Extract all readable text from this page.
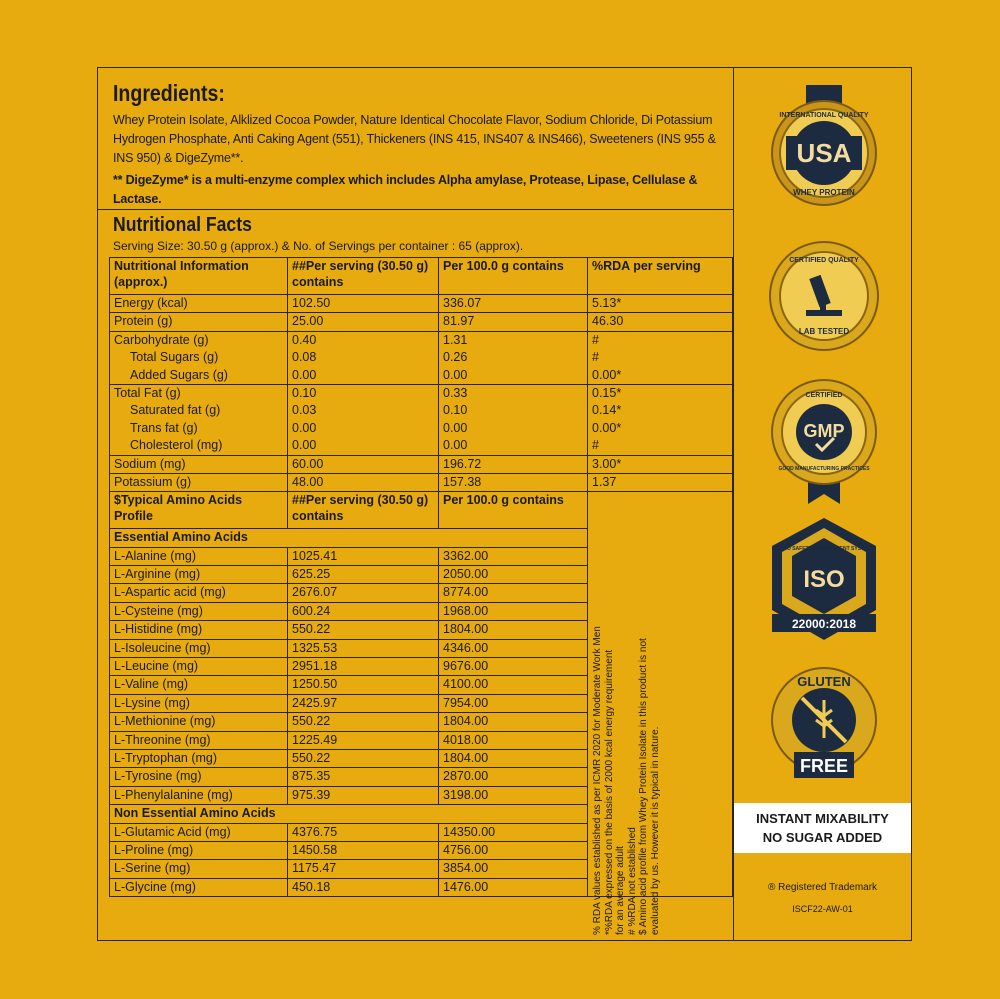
Ingredients:
Whey Protein Isolate, Alklized Cocoa Powder, Nature Identical Chocolate Flavor, Sodium Chloride, Di Potassium Hydrogen Phosphate, Anti Caking Agent (551), Thickeners (INS 415, INS407 & INS466), Sweeteners (INS 955 & INS 950) & DigeZyme**.
** DigeZyme* is a multi-enzyme complex which includes Alpha amylase, Protease, Lipase, Cellulase & Lactase.
Nutritional Facts
Serving Size: 30.50 g (approx.) & No. of Servings per container : 65 (approx).
Nutritional Information (approx.)	##Per serving (30.50 g) contains	Per 100.0 g contains	%RDA per serving
Energy (kcal)	102.50	336.07	5.13*
Protein (g)	25.00	81.97	46.30
Carbohydrate (g)	0.40	1.31	#
Total Sugars (g)	0.08	0.26	#
Added Sugars (g)	0.00	0.00	0.00*
Total Fat (g)	0.10	0.33	0.15*
Saturated fat (g)	0.03	0.10	0.14*
Trans fat (g)	0.00	0.00	0.00*
Cholesterol (mg)	0.00	0.00	#
Sodium (mg)	60.00	196.72	3.00*
Potassium (g)	48.00	157.38	1.37
$Typical Amino Acids Profile	##Per serving (30.50 g) contains	Per 100.0 g contains	
Essential Amino Acids			
L-Alanine (mg)	1025.41	3362.00	
L-Arginine (mg)	625.25	2050.00	
L-Aspartic acid (mg)	2676.07	8774.00	
L-Cysteine (mg)	600.24	1968.00	
L-Histidine (mg)	550.22	1804.00	
L-Isoleucine (mg)	1325.53	4346.00	
L-Leucine (mg)	2951.18	9676.00	
L-Valine (mg)	1250.50	4100.00	
L-Lysine (mg)	2425.97	7954.00	
L-Methionine (mg)	550.22	1804.00	
L-Threonine (mg)	1225.49	4018.00	
L-Tryptophan (mg)	550.22	1804.00	
L-Tyrosine (mg)	875.35	2870.00	
L-Phenylalanine (mg)	975.39	3198.00	
Non Essential Amino Acids			
L-Glutamic Acid (mg)	4376.75	14350.00	
L-Proline (mg)	1450.58	4756.00	
L-Serine (mg)	1175.47	3854.00	
L-Glycine (mg)	450.18	1476.00		% RDA values established as per ICMR 2020 for Moderate Work Men *%RDA expressed on the basis of 2000 kcal energy requirement for an average adult # %RDA not established $ Amino acid profile from Whey Protein Isolate in this product is not evaluated by us. However it is typical in nature.
USA
INTERNATIONAL QUALITY
WHEY PROTEIN
CERTIFIED QUALITY
LAB TESTED
GMP
CERTIFIED
GOOD MANUFACTURING PRACTICES
ISO
FOOD SAFETY MANAGEMENT SYSTEM
22000:2018
GLUTEN
FREE
INSTANT MIXABILITY
NO SUGAR ADDED
® Registered Trademark
ISCF22-AW-01
